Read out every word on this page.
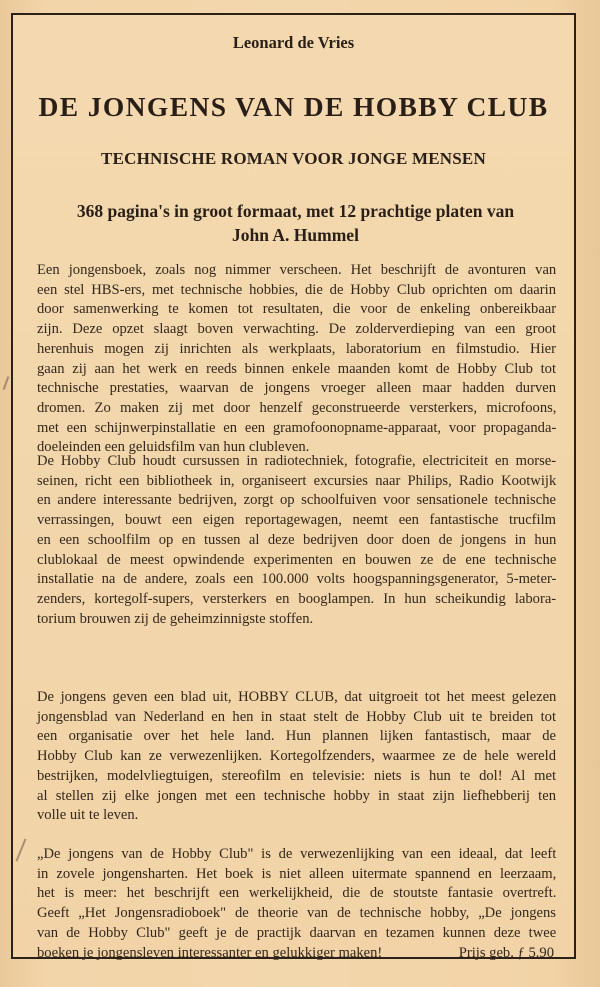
Leonard de Vries
DE JONGENS VAN DE HOBBY CLUB
TECHNISCHE ROMAN VOOR JONGE MENSEN
368 pagina's in groot formaat, met 12 prachtige platen van
John A. Hummel
Een jongensboek, zoals nog nimmer verscheen. Het beschrijft de avonturen van
een stel HBS-ers, met technische hobbies, die de Hobby Club oprichten om daarin
door samenwerking te komen tot resultaten, die voor de enkeling onbereikbaar
zijn. Deze opzet slaagt boven verwachting. De zolderverdieping van een groot
herenhuis mogen zij inrichten als werkplaats, laboratorium en filmstudio. Hier
gaan zij aan het werk en reeds binnen enkele maanden komt de Hobby Club tot
technische prestaties, waarvan de jongens vroeger alleen maar hadden durven
dromen. Zo maken zij met door henzelf geconstrueerde versterkers, microfoons,
met een schijnwerpinstallatie en een gramofoonopname-apparaat, voor propaganda-
doeleinden een geluidsfilm van hun clubleven.
De Hobby Club houdt cursussen in radiotechniek, fotografie, electriciteit en morse-
seinen, richt een bibliotheek in, organiseert excursies naar Philips, Radio Kootwijk
en andere interessante bedrijven, zorgt op schoolfuiven voor sensationele technische
verrassingen, bouwt een eigen reportagewagen, neemt een fantastische trucfilm
en een schoolfilm op en tussen al deze bedrijven door doen de jongens in hun
clublokaal de meest opwindende experimenten en bouwen ze de ene technische
installatie na de andere, zoals een 100.000 volts hoogspanningsgenerator, 5-meter-
zenders, kortegolf-supers, versterkers en booglampen. In hun scheikundig labora-
torium brouwen zij de geheimzinnigste stoffen.
De jongens geven een blad uit, HOBBY CLUB, dat uitgroeit tot het meest gelezen
jongensblad van Nederland en hen in staat stelt de Hobby Club uit te breiden tot
een organisatie over het hele land. Hun plannen lijken fantastisch, maar de
Hobby Club kan ze verwezenlijken. Kortegolfzenders, waarmee ze de hele wereld
bestrijken, modelvliegtuigen, stereofilm en televisie: niets is hun te dol! Al met
al stellen zij elke jongen met een technische hobby in staat zijn liefhebberij ten
volle uit te leven.
„De jongens van de Hobby Club" is de verwezenlijking van een ideaal, dat leeft
in zovele jongensharten. Het boek is niet alleen uitermate spannend en leerzaam,
het is meer: het beschrijft een werkelijkheid, die de stoutste fantasie overtreft.
Geeft „Het Jongensradioboek" de theorie van de technische hobby, „De jongens
van de Hobby Club" geeft je de practijk daarvan en tezamen kunnen deze twee
boeken je jongensleven interessanter en gelukkiger maken!	Prijs geb. ƒ 5.90
